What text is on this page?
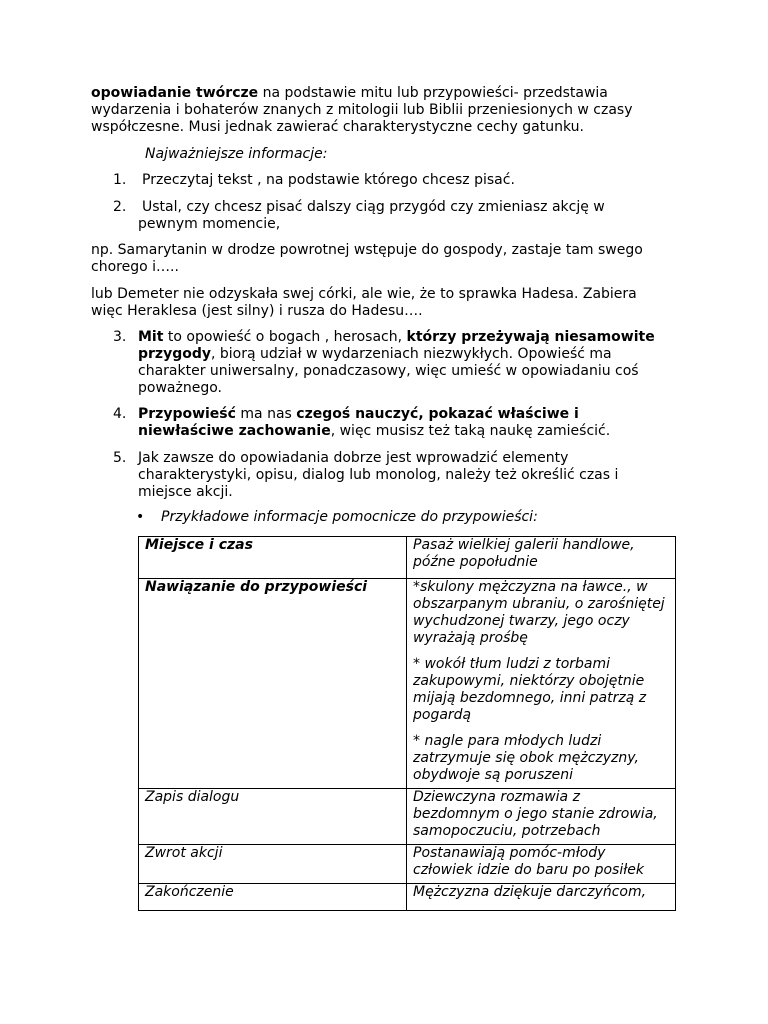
opowiadanie twórcze na podstawie mitu lub przypowieści- przedstawia wydarzenia i bohaterów znanych z mitologii lub Biblii przeniesionych w czasy współczesne. Musi jednak zawierać charakterystyczne cechy gatunku.

Najważniejsze informacje:

1. Przeczytaj tekst , na podstawie którego chcesz pisać.

2. Ustal, czy chcesz pisać dalszy ciąg przygód czy zmieniasz akcję w pewnym momencie,

np. Samarytanin w drodze powrotnej wstępuje do gospody, zastaje tam swego chorego i…..

lub Demeter nie odzyskała swej córki, ale wie, że to sprawka Hadesa. Zabiera więc Heraklesa (jest silny) i rusza do Hadesu….

3. Mit to opowieść o bogach , herosach, którzy przeżywają niesamowite przygody, biorą udział w wydarzeniach niezwykłych. Opowieść ma charakter uniwersalny, ponadczasowy, więc umieść w opowiadaniu coś poważnego.

4. Przypowieść ma nas czegoś nauczyć, pokazać właściwe i niewłaściwe zachowanie, więc musisz też taką naukę zamieścić.

5. Jak zawsze do opowiadania dobrze jest wprowadzić elementy charakterystyki, opisu, dialog lub monolog, należy też określić czas i miejsce akcji.

• Przykładowe informacje pomocnicze do przypowieści:

Miejsce i czas	Pasaż wielkiej galerii handlowe, późne popołudnie

Nawiązanie do przypowieści	*skulony mężczyzna na ławce., w obszarpanym ubraniu, o zarośniętej wychudzonej twarzy, jego oczy wyrażają prośbę

* wokół tłum ludzi z torbami zakupowymi, niektórzy obojętnie mijają bezdomnego, inni patrzą z pogardą

* nagle para młodych ludzi zatrzymuje się obok mężczyzny, obydwoje są poruszeni

Zapis dialogu	Dziewczyna rozmawia z bezdomnym o jego stanie zdrowia, samopoczuciu, potrzebach

Zwrot akcji	Postanawiają pomóc-młody człowiek idzie do baru po posiłek

Zakończenie	Mężczyzna dziękuje darczyńcom,
